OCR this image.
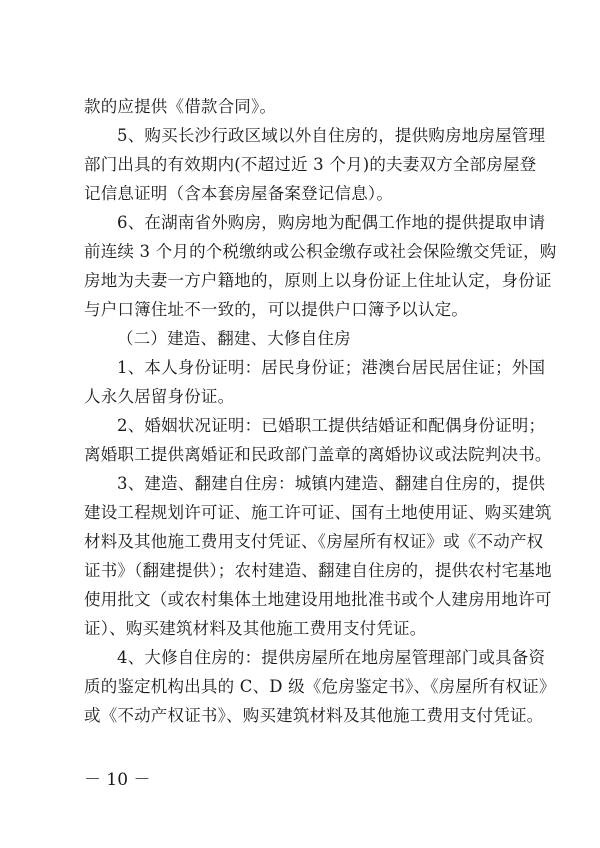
款的应提供《借款合同》。
5、购买长沙行政区域以外自住房的，提供购房地房屋管理
部门出具的有效期内(不超过近 3 个月)的夫妻双方全部房屋登
记信息证明（含本套房屋备案登记信息）。
6、在湖南省外购房，购房地为配偶工作地的提供提取申请
前连续 3 个月的个税缴纳或公积金缴存或社会保险缴交凭证，购
房地为夫妻一方户籍地的，原则上以身份证上住址认定，身份证
与户口簿住址不一致的，可以提供户口簿予以认定。
（二）建造、翻建、大修自住房
1、本人身份证明：居民身份证；港澳台居民居住证；外国
人永久居留身份证。
2、婚姻状况证明：已婚职工提供结婚证和配偶身份证明；
离婚职工提供离婚证和民政部门盖章的离婚协议或法院判决书。
3、建造、翻建自住房：城镇内建造、翻建自住房的，提供
建设工程规划许可证、施工许可证、国有土地使用证、购买建筑
材料及其他施工费用支付凭证、《房屋所有权证》或《不动产权
证书》（翻建提供）；农村建造、翻建自住房的，提供农村宅基地
使用批文（或农村集体土地建设用地批准书或个人建房用地许可
证）、购买建筑材料及其他施工费用支付凭证。
4、大修自住房的：提供房屋所在地房屋管理部门或具备资
质的鉴定机构出具的 C、D 级《危房鉴定书》、《房屋所有权证》
或《不动产权证书》、购买建筑材料及其他施工费用支付凭证。
－ 10 －
